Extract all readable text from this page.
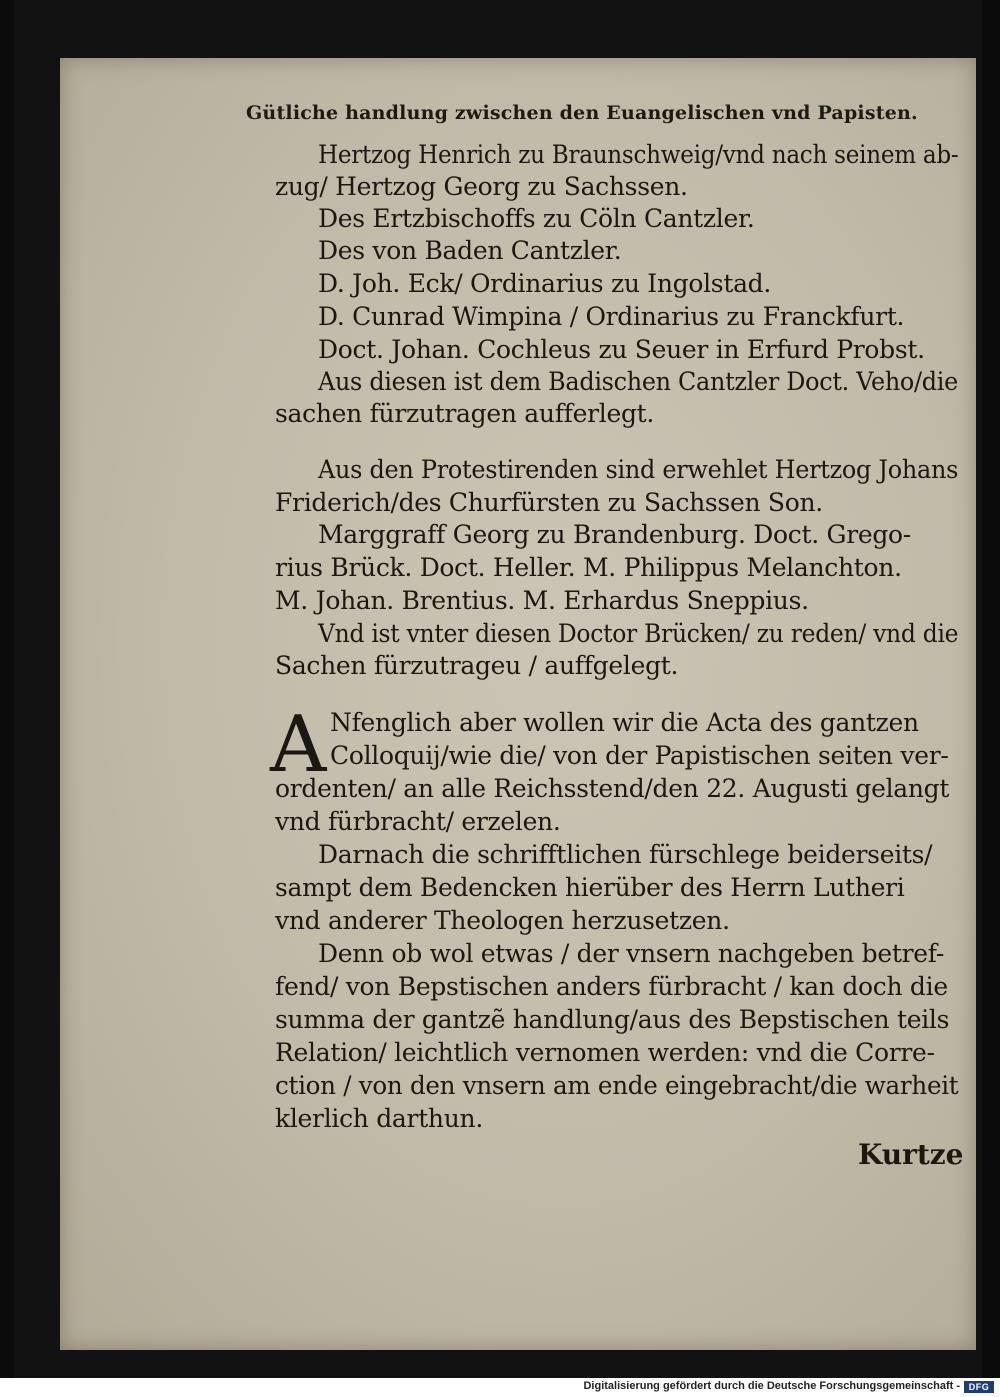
Gütliche handlung zwischen den Euangelischen vnd Papisten.
Hertzog Henrich zu Braunschweig/vnd nach seinem ab-
zug/ Hertzog Georg zu Sachssen.
Des Ertzbischoffs zu Cöln Cantzler.
Des von Baden Cantzler.
D. Joh. Eck/ Ordinarius zu Ingolstad.
D. Cunrad Wimpina / Ordinarius zu Franckfurt.
Doct. Johan. Cochleus zu Seuer in Erfurd Probst.
Aus diesen ist dem Badischen Cantzler Doct. Veho/die
sachen fürzutragen aufferlegt.
Aus den Protestirenden sind erwehlet Hertzog Johans
Friderich/des Churfürsten zu Sachssen Son.
Marggraff Georg zu Brandenburg. Doct. Grego-
rius Brück. Doct. Heller. M. Philippus Melanchton.
M. Johan. Brentius. M. Erhardus Sneppius.
Vnd ist vnter diesen Doctor Brücken/ zu reden/ vnd die
Sachen fürzutrageu / auffgelegt.
A Nfenglich aber wollen wir die Acta des gantzen
Colloquij/wie die/ von der Papistischen seiten ver-
ordenten/ an alle Reichsstend/den 22. Augusti gelangt
vnd fürbracht/ erzelen.
Darnach die schrifftlichen fürschlege beiderseits/
sampt dem Bedencken hierüber des Herrn Lutheri
vnd anderer Theologen herzusetzen.
Denn ob wol etwas / der vnsern nachgeben betref-
fend/ von Bepstischen anders fürbracht / kan doch die
summa der gantzẽ handlung/aus des Bepstischen teils
Relation/ leichtlich vernomen werden: vnd die Corre-
ction / von den vnsern am ende eingebracht/die warheit
klerlich darthun.
Kurtze
Digitalisierung gefördert durch die Deutsche Forschungsgemeinschaft - DFG
